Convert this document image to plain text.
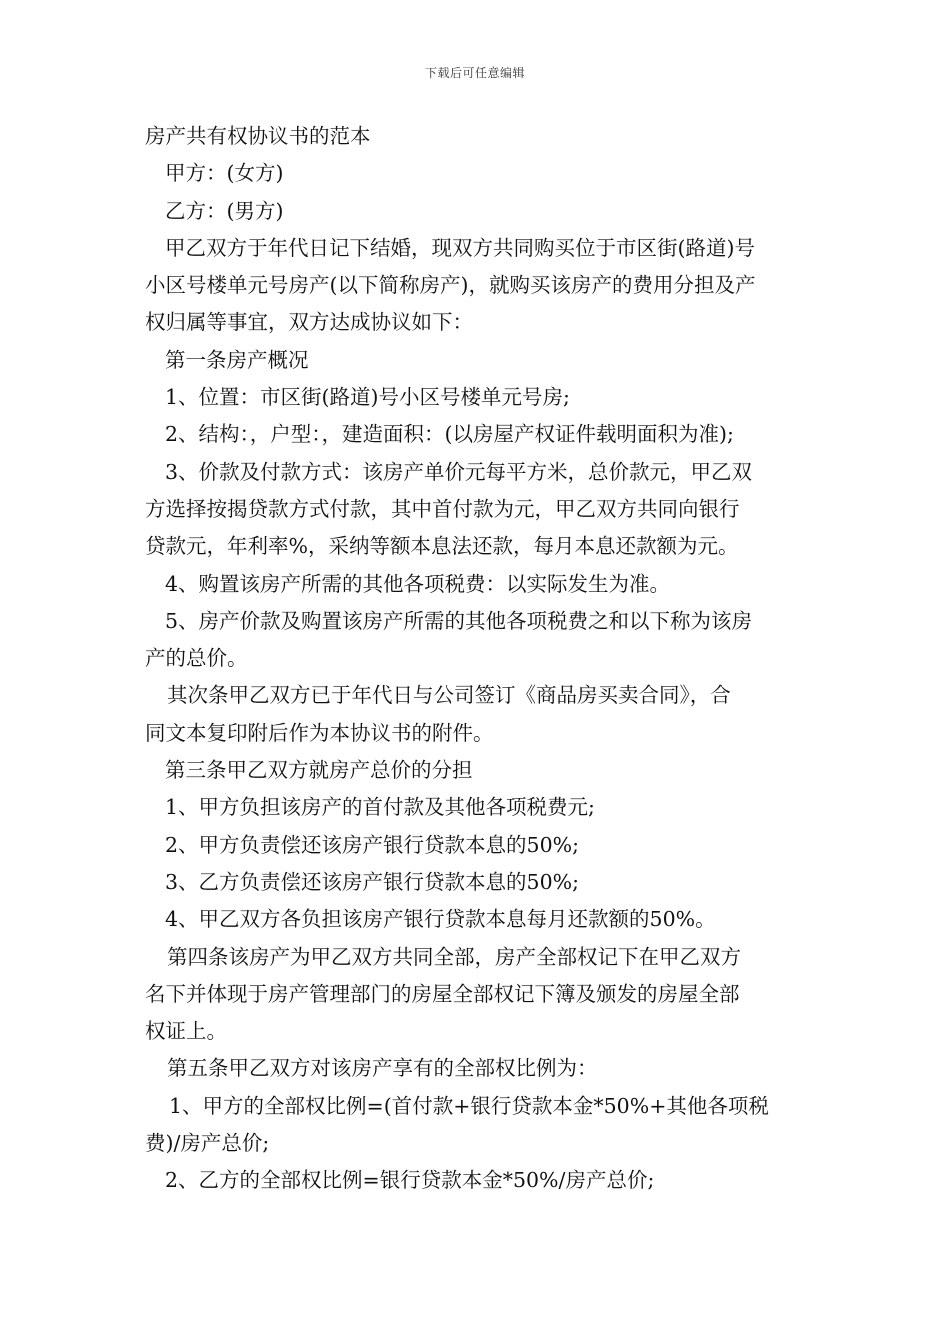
下载后可任意编辑
房产共有权协议书的范本
甲方：(女方)
乙方：(男方)
甲乙双方于年代日记下结婚，现双方共同购买位于市区街(路道)号
小区号楼单元号房产(以下简称房产)，就购买该房产的费用分担及产
权归属等事宜，双方达成协议如下：
第一条房产概况
1、位置：市区街(路道)号小区号楼单元号房;
2、结构：，户型：，建造面积：(以房屋产权证件载明面积为准);
3、价款及付款方式：该房产单价元每平方米，总价款元，甲乙双
方选择按揭贷款方式付款，其中首付款为元，甲乙双方共同向银行
贷款元，年利率%，采纳等额本息法还款，每月本息还款额为元。
4、购置该房产所需的其他各项税费：以实际发生为准。
5、房产价款及购置该房产所需的其他各项税费之和以下称为该房
产的总价。
其次条甲乙双方已于年代日与公司签订《商品房买卖合同》，合
同文本复印附后作为本协议书的附件。
第三条甲乙双方就房产总价的分担
1、甲方负担该房产的首付款及其他各项税费元;
2、甲方负责偿还该房产银行贷款本息的50%;
3、乙方负责偿还该房产银行贷款本息的50%;
4、甲乙双方各负担该房产银行贷款本息每月还款额的50%。
第四条该房产为甲乙双方共同全部，房产全部权记下在甲乙双方
名下并体现于房产管理部门的房屋全部权记下簿及颁发的房屋全部
权证上。
第五条甲乙双方对该房产享有的全部权比例为：
1、甲方的全部权比例=(首付款+银行贷款本金*50%+其他各项税
费)/房产总价;
2、乙方的全部权比例=银行贷款本金*50%/房产总价;
